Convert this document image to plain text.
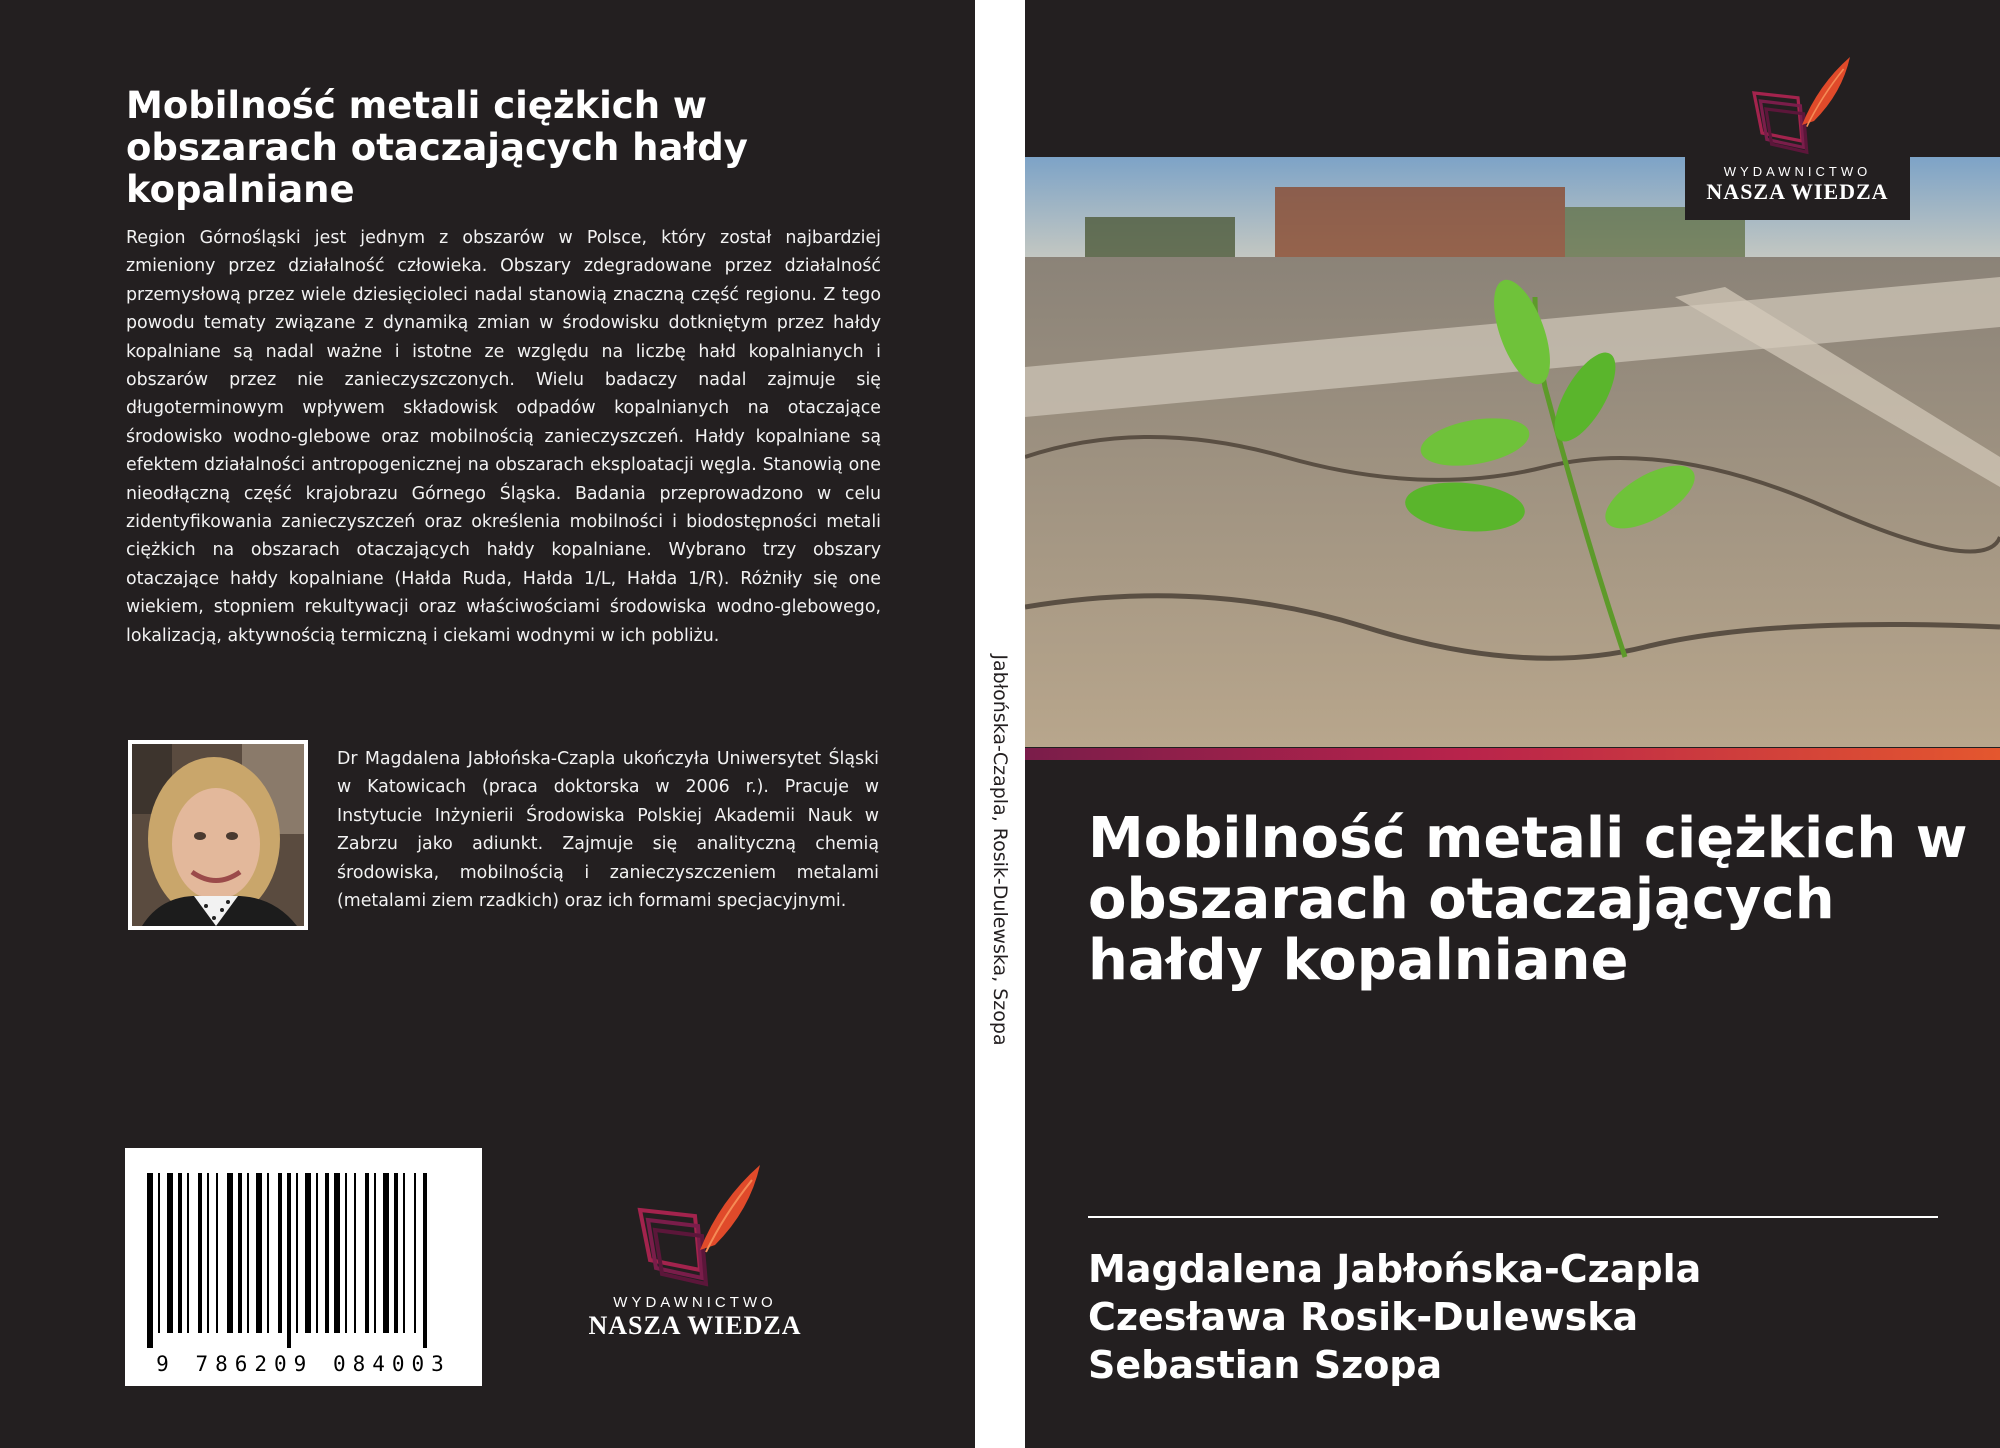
Mobilność metali ciężkich w obszarach otaczających hałdy kopalniane

Region Górnośląski jest jednym z obszarów w Polsce, który został najbardziej zmieniony przez działalność człowieka. Obszary zdegradowane przez działalność przemysłową przez wiele dziesięcioleci nadal stanowią znaczną część regionu. Z tego powodu tematy związane z dynamiką zmian w środowisku dotkniętym przez hałdy kopalniane są nadal ważne i istotne ze względu na liczbę hałd kopalnianych i obszarów przez nie zanieczyszczonych. Wielu badaczy nadal zajmuje się długoterminowym wpływem składowisk odpadów kopalnianych na otaczające środowisko wodno-glebowe oraz mobilnością zanieczyszczeń. Hałdy kopalniane są efektem działalności antropogenicznej na obszarach eksploatacji węgla. Stanowią one nieodłączną część krajobrazu Górnego Śląska. Badania przeprowadzono w celu zidentyfikowania zanieczyszczeń oraz określenia mobilności i biodostępności metali ciężkich na obszarach otaczających hałdy kopalniane. Wybrano trzy obszary otaczające hałdy kopalniane (Hałda Ruda, Hałda 1/L, Hałda 1/R). Różniły się one wiekiem, stopniem rekultywacji oraz właściwościami środowiska wodno-glebowego, lokalizacją, aktywnością termiczną i ciekami wodnymi w ich pobliżu.

Dr Magdalena Jabłońska-Czapla ukończyła Uniwersytet Śląski w Katowicach (praca doktorska w 2006 r.). Pracuje w Instytucie Inżynierii Środowiska Polskiej Akademii Nauk w Zabrzu jako adiunkt. Zajmuje się analityczną chemią środowiska, mobilnością i zanieczyszczeniem metalami (metalami ziem rzadkich) oraz ich formami specjacyjnymi.

9 786209 084003
WYDAWNICTWO
NASZA WIEDZA
Jabłońska-Czapla, Rosik-Dulewska, Szopa
WYDAWNICTWO
NASZA WIEDZA
Mobilność metali ciężkich w obszarach otaczających hałdy kopalniane
Magdalena Jabłońska-Czapla
Czesława Rosik-Dulewska
Sebastian Szopa
